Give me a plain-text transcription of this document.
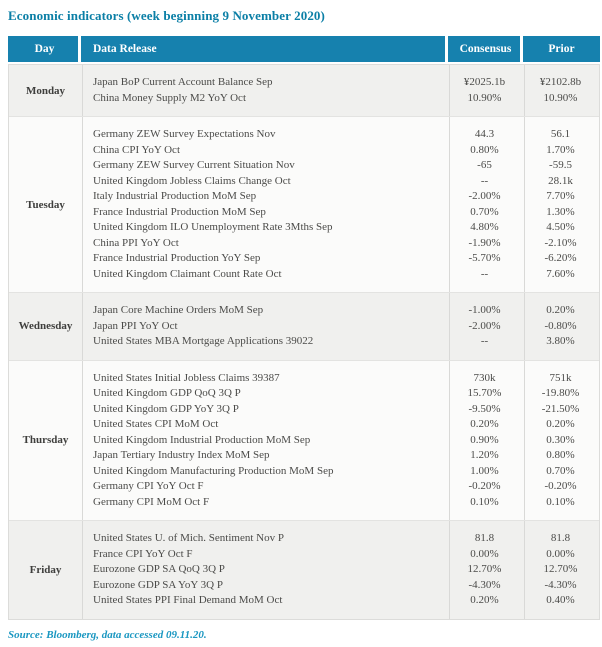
Economic indicators (week beginning 9 November 2020)
Day	Data Release	Consensus	Prior
Monday
Japan BoP Current Account Balance Sep	¥2025.1b	¥2102.8b
China Money Supply M2 YoY Oct	10.90%	10.90%
Tuesday
Germany ZEW Survey Expectations Nov	44.3	56.1
China CPI YoY Oct	0.80%	1.70%
Germany ZEW Survey Current Situation Nov	-65	-59.5
United Kingdom Jobless Claims Change Oct	--	28.1k
Italy Industrial Production MoM Sep	-2.00%	7.70%
France Industrial Production MoM Sep	0.70%	1.30%
United Kingdom ILO Unemployment Rate 3Mths Sep	4.80%	4.50%
China PPI YoY Oct	-1.90%	-2.10%
France Industrial Production YoY Sep	-5.70%	-6.20%
United Kingdom Claimant Count Rate Oct	--	7.60%
Wednesday
Japan Core Machine Orders MoM Sep	-1.00%	0.20%
Japan PPI YoY Oct	-2.00%	-0.80%
United States MBA Mortgage Applications 39022	--	3.80%
Thursday
United States Initial Jobless Claims 39387	730k	751k
United Kingdom GDP QoQ 3Q P	15.70%	-19.80%
United Kingdom GDP YoY 3Q P	-9.50%	-21.50%
United States CPI MoM Oct	0.20%	0.20%
United Kingdom Industrial Production MoM Sep	0.90%	0.30%
Japan Tertiary Industry Index MoM Sep	1.20%	0.80%
United Kingdom Manufacturing Production MoM Sep	1.00%	0.70%
Germany CPI YoY Oct F	-0.20%	-0.20%
Germany CPI MoM Oct F	0.10%	0.10%
Friday
United States U. of Mich. Sentiment Nov P	81.8	81.8
France CPI YoY Oct F	0.00%	0.00%
Eurozone GDP SA QoQ 3Q P	12.70%	12.70%
Eurozone GDP SA YoY 3Q P	-4.30%	-4.30%
United States PPI Final Demand MoM Oct	0.20%	0.40%
Source: Bloomberg, data accessed 09.11.20.
